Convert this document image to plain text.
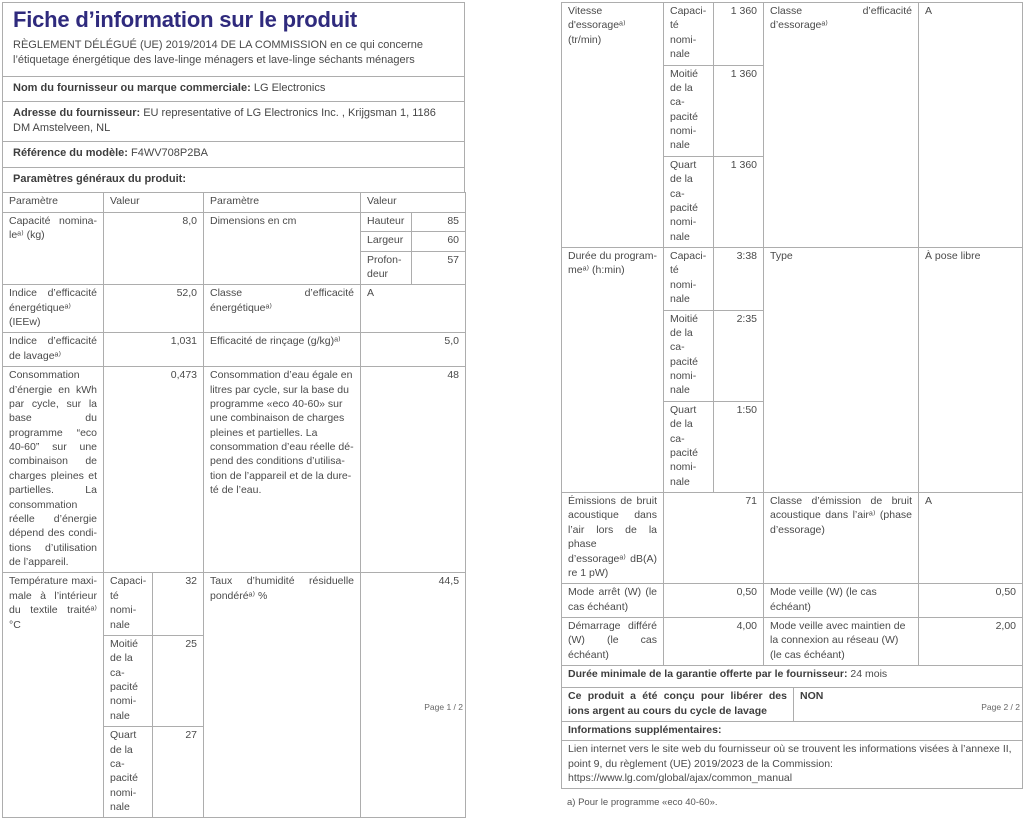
Fiche d’information sur le produit

RÈGLEMENT DÉLÉGUÉ (UE) 2019/2014 DE LA COMMISSION en ce qui concerne l’étiquetage énergétique des lave-linge ménagers et lave-linge séchants ménagers

Nom du fournisseur ou marque commerciale: LG Electronics
Adresse du fournisseur: EU representative of LG Electronics Inc. , Krijgsman 1, 1186 DM Amstelveen, NL
Référence du modèle: F4WV708P2BA
Paramètres généraux du produit:
Paramètre	Valeur		Paramètre	Valeur	
Capacité nominaleᵃ⁾ (kg)	8,0		Dimensions en cm	Hauteur	85
				Largeur	60
				Profondeur	57
Indice d’efficacité énergétiqueᵃ⁾ (IEEᴡ)	52,0		Classe d’efficacité énergétiqueᵃ⁾	A	
Indice d’efficacité de lavageᵃ⁾	1,031		Efficacité de rinçage (g/kg)ᵃ⁾	5,0	
Consommation d’énergie en kWh par cycle, sur la base du programme “eco 40-60” sur une combinaison de charges pleines et partielles. La consommation réelle d’énergie dépend des conditions d’utilisation de l’appareil.	0,473	Consommation d’eau égale en litres par cycle, sur la base du programme «eco 40-60» sur une combinaison de charges pleines et partielles. La consommation d’eau réelle dépend des conditions d’utilisation de l’appareil et de la dureté de l’eau.	48
Température maximale à l’intérieur du textile traitéᵃ⁾ °C	Capacité nominale	32	Taux d’humidité résiduelle pondéréᵃ⁾ %	44,5	
	Moitié de la capacité nominale	25			
	Quart de la capacité nominale	27			
Page 1 / 2
Vitesse d'essorageᵃ⁾ (tr/min)	Capacité nominale	1 360	Classe d’efficacité d’essorageᵃ⁾		A
	Moitié de la capacité nominale	1 360			
	Quart de la capacité nominale	1 360			
Durée du programmeᵃ⁾ (h:min)	Capacité nominale	3:38	Type		À pose libre
	Moitié de la capacité nominale	2:35			
	Quart de la capacité nominale	1:50			
Émissions de bruit acoustique dans l’air lors de la phase d’essorageᵃ⁾ dB(A) re 1 pW)	71		Classe d’émission de bruit acoustique dans l’airᵃ⁾ (phase d’essorage)		A
Mode arrêt (W) (le cas échéant)	0,50		Mode veille (W) (le cas échéant)		0,50
Démarrage différé (W) (le cas échéant)	4,00		Mode veille avec maintien de la connexion au réseau (W) (le cas échéant)		2,00
Durée minimale de la garantie offerte par le fournisseur: 24 mois					
Ce produit a été conçu pour libérer des ions argent au cours du cycle de lavage				NON	
Informations supplémentaires:					
Lien internet vers le site web du fournisseur où se trouvent les informations visées à l’annexe II, point 9, du règlement (UE) 2019/2023 de la Commission: https://www.lg.com/global/ajax/common_manual					
a) Pour le programme «eco 40-60».
Page 2 / 2
